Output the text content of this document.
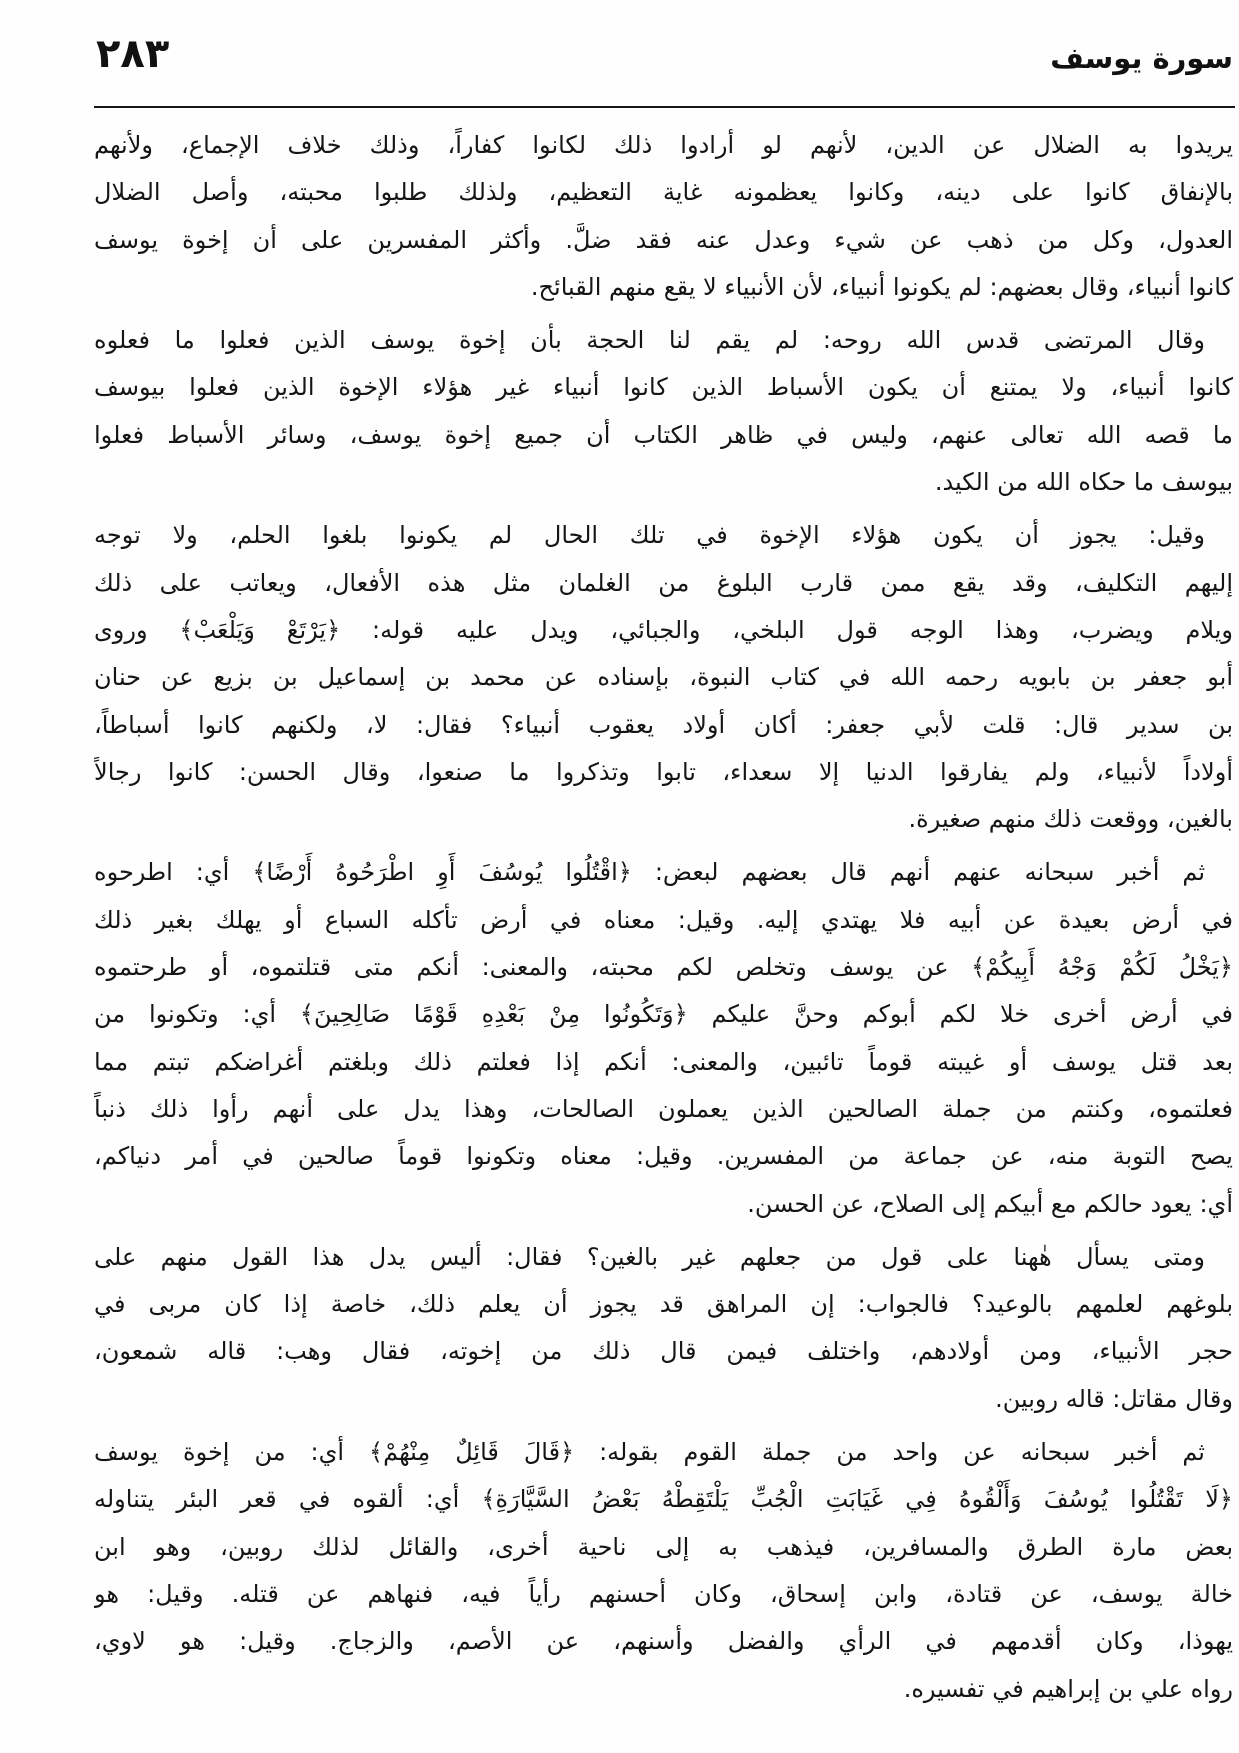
٢٨٣	سورة يوسف
يريدوا به الضلال عن الدين، لأنهم لو أرادوا ذلك لكانوا كفاراً، وذلك خلاف الإجماع، ولأنهم
بالإنفاق كانوا على دينه، وكانوا يعظمونه غاية التعظيم، ولذلك طلبوا محبته، وأصل الضلال
العدول، وكل من ذهب عن شيء وعدل عنه فقد ضلَّ. وأكثر المفسرين على أن إخوة يوسف
كانوا أنبياء، وقال بعضهم: لم يكونوا أنبياء، لأن الأنبياء لا يقع منهم القبائح.
وقال المرتضى قدس الله روحه: لم يقم لنا الحجة بأن إخوة يوسف الذين فعلوا ما فعلوه
كانوا أنبياء، ولا يمتنع أن يكون الأسباط الذين كانوا أنبياء غير هؤلاء الإخوة الذين فعلوا بيوسف
ما قصه الله تعالى عنهم، وليس في ظاهر الكتاب أن جميع إخوة يوسف، وسائر الأسباط فعلوا
بيوسف ما حكاه الله من الكيد.
وقيل: يجوز أن يكون هؤلاء الإخوة في تلك الحال لم يكونوا بلغوا الحلم، ولا توجه
إليهم التكليف، وقد يقع ممن قارب البلوغ من الغلمان مثل هذه الأفعال، ويعاتب على ذلك
ويلام ويضرب، وهذا الوجه قول البلخي، والجبائي، ويدل عليه قوله: ﴿يَرْتَعْ وَيَلْعَبْ﴾ وروى
أبو جعفر بن بابويه رحمه الله في كتاب النبوة، بإسناده عن محمد بن إسماعيل بن بزيع عن حنان
بن سدير قال: قلت لأبي جعفر: أكان أولاد يعقوب أنبياء؟ فقال: لا، ولكنهم كانوا أسباطاً،
أولاداً لأنبياء، ولم يفارقوا الدنيا إلا سعداء، تابوا وتذكروا ما صنعوا، وقال الحسن: كانوا رجالاً
بالغين، ووقعت ذلك منهم صغيرة.
ثم أخبر سبحانه عنهم أنهم قال بعضهم لبعض: ﴿اقْتُلُوا يُوسُفَ أَوِ اطْرَحُوهُ أَرْضًا﴾ أي: اطرحوه
في أرض بعيدة عن أبيه فلا يهتدي إليه. وقيل: معناه في أرض تأكله السباع أو يهلك بغير ذلك
﴿يَخْلُ لَكُمْ وَجْهُ أَبِيكُمْ﴾ عن يوسف وتخلص لكم محبته، والمعنى: أنكم متى قتلتموه، أو طرحتموه
في أرض أخرى خلا لكم أبوكم وحنَّ عليكم ﴿وَتَكُونُوا مِنْ بَعْدِهِ قَوْمًا صَالِحِينَ﴾ أي: وتكونوا من
بعد قتل يوسف أو غيبته قوماً تائبين، والمعنى: أنكم إذا فعلتم ذلك وبلغتم أغراضكم تبتم مما
فعلتموه، وكنتم من جملة الصالحين الذين يعملون الصالحات، وهذا يدل على أنهم رأوا ذلك ذنباً
يصح التوبة منه، عن جماعة من المفسرين. وقيل: معناه وتكونوا قوماً صالحين في أمر دنياكم،
أي: يعود حالكم مع أبيكم إلى الصلاح، عن الحسن.
ومتى يسأل هٰهنا على قول من جعلهم غير بالغين؟ فقال: أليس يدل هذا القول منهم على
بلوغهم لعلمهم بالوعيد؟ فالجواب: إن المراهق قد يجوز أن يعلم ذلك، خاصة إذا كان مربى في
حجر الأنبياء، ومن أولادهم، واختلف فيمن قال ذلك من إخوته، فقال وهب: قاله شمعون،
وقال مقاتل: قاله روبين.
ثم أخبر سبحانه عن واحد من جملة القوم بقوله: ﴿قَالَ قَائِلٌ مِنْهُمْ﴾ أي: من إخوة يوسف
﴿لَا تَقْتُلُوا يُوسُفَ وَأَلْقُوهُ فِي غَيَابَتِ الْجُبِّ يَلْتَقِطْهُ بَعْضُ السَّيَّارَةِ﴾ أي: ألقوه في قعر البئر يتناوله
بعض مارة الطرق والمسافرين، فيذهب به إلى ناحية أخرى، والقائل لذلك روبين، وهو ابن
خالة يوسف، عن قتادة، وابن إسحاق، وكان أحسنهم رأياً فيه، فنهاهم عن قتله. وقيل: هو
يهوذا، وكان أقدمهم في الرأي والفضل وأسنهم، عن الأصم، والزجاج. وقيل: هو لاوي،
رواه علي بن إبراهيم في تفسيره.
